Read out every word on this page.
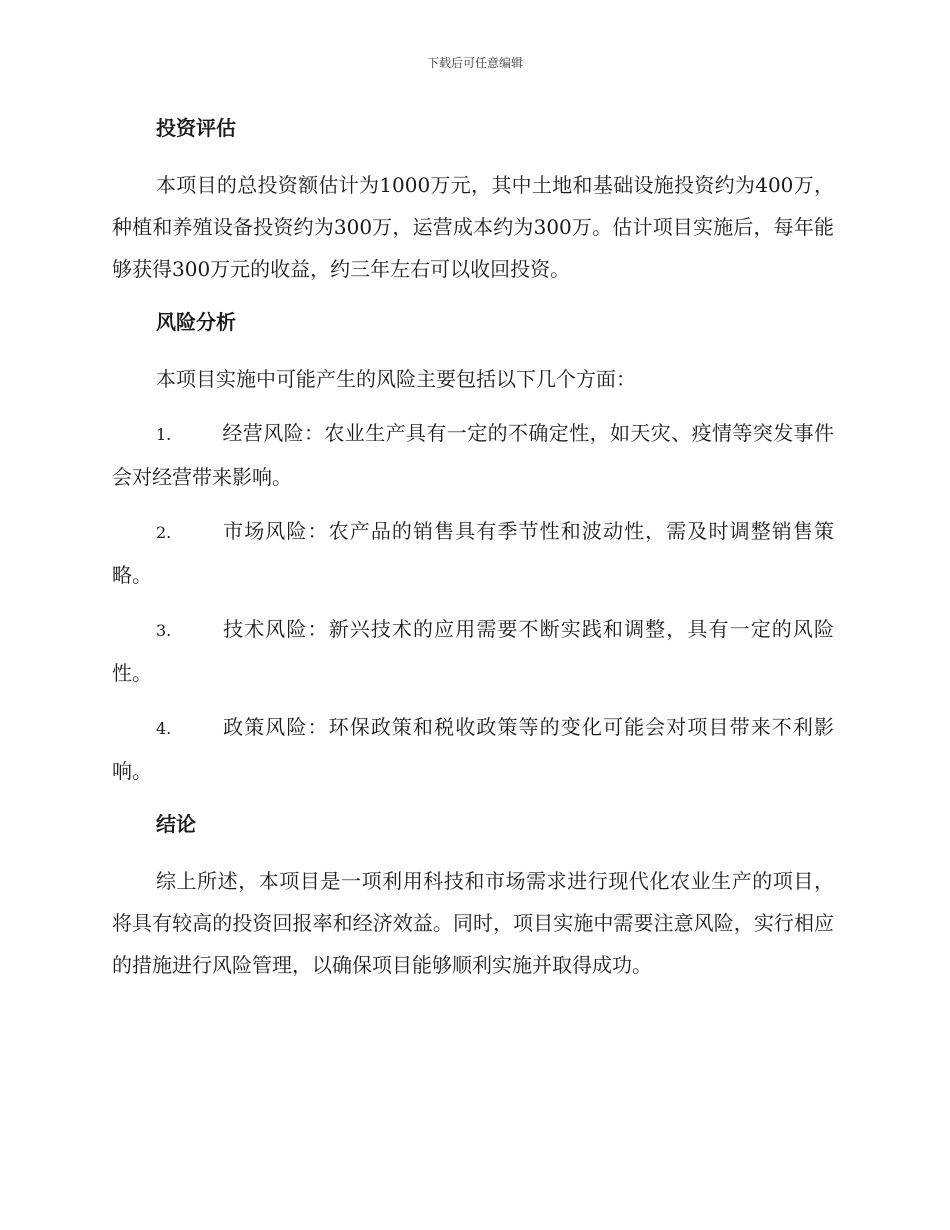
下载后可任意编辑
投资评估

本项目的总投资额估计为1000万元，其中土地和基础设施投资约为400万，种植和养殖设备投资约为300万，运营成本约为300万。估计项目实施后，每年能够获得300万元的收益，约三年左右可以收回投资。

风险分析

本项目实施中可能产生的风险主要包括以下几个方面：

1.	经营风险：农业生产具有一定的不确定性，如天灾、疫情等突发事件会对经营带来影响。

2.	市场风险：农产品的销售具有季节性和波动性，需及时调整销售策略。

3.	技术风险：新兴技术的应用需要不断实践和调整，具有一定的风险性。

4.	政策风险：环保政策和税收政策等的变化可能会对项目带来不利影响。

结论

综上所述，本项目是一项利用科技和市场需求进行现代化农业生产的项目，将具有较高的投资回报率和经济效益。同时，项目实施中需要注意风险，实行相应的措施进行风险管理，以确保项目能够顺利实施并取得成功。
